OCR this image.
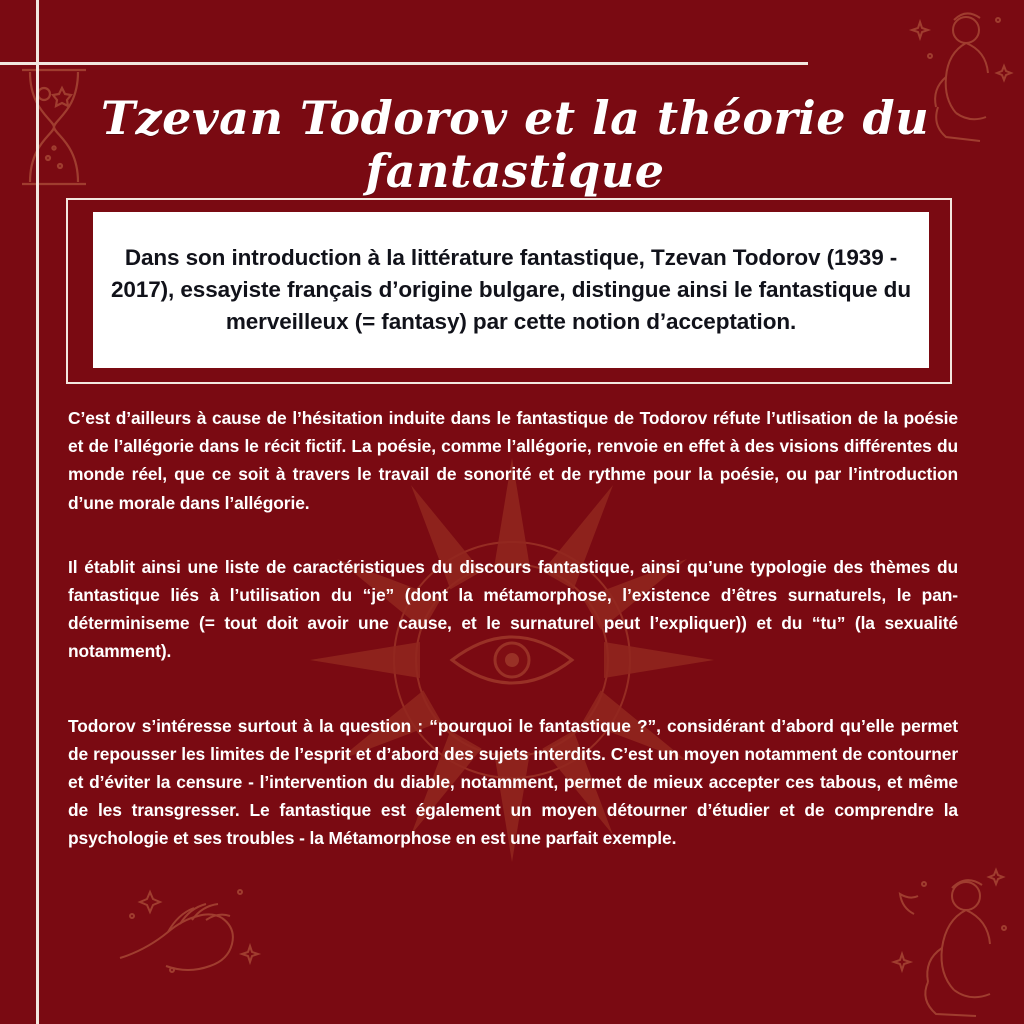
Tzevan Todorov et la théorie du fantastique
Dans son introduction à la littérature fantastique, Tzevan Todorov (1939 - 2017), essayiste français d’origine bulgare, distingue ainsi le fantastique du merveilleux (= fantasy) par cette notion d’acceptation.

C’est d’ailleurs à cause de l’hésitation induite dans le fantastique de Todorov réfute l’utlisation de la poésie et de l’allégorie dans le récit fictif. La poésie, comme l’allégorie, renvoie en effet à des visions différentes du monde réel, que ce soit à travers le travail de sonorité et de rythme pour la poésie, ou par l’introduction d’une morale dans l’allégorie.

Il établit ainsi une liste de caractéristiques du discours fantastique, ainsi qu’une typologie des thèmes du fantastique liés à l’utilisation du “je” (dont la métamorphose, l’existence d’êtres surnaturels, le pan-déterminiseme (= tout doit avoir une cause, et le surnaturel peut l’expliquer)) et du “tu” (la sexualité notamment).

Todorov s’intéresse surtout à la question : “pourquoi le fantastique ?”, considérant d’abord qu’elle permet de repousser les limites de l’esprit et d’abord des sujets interdits. C’est un moyen notamment de contourner et d’éviter la censure - l’intervention du diable, notamment, permet de mieux accepter ces tabous, et même de les transgresser. Le fantastique est également un moyen détourner d’étudier et de comprendre la psychologie et ses troubles - la Métamorphose en est une parfait exemple.
